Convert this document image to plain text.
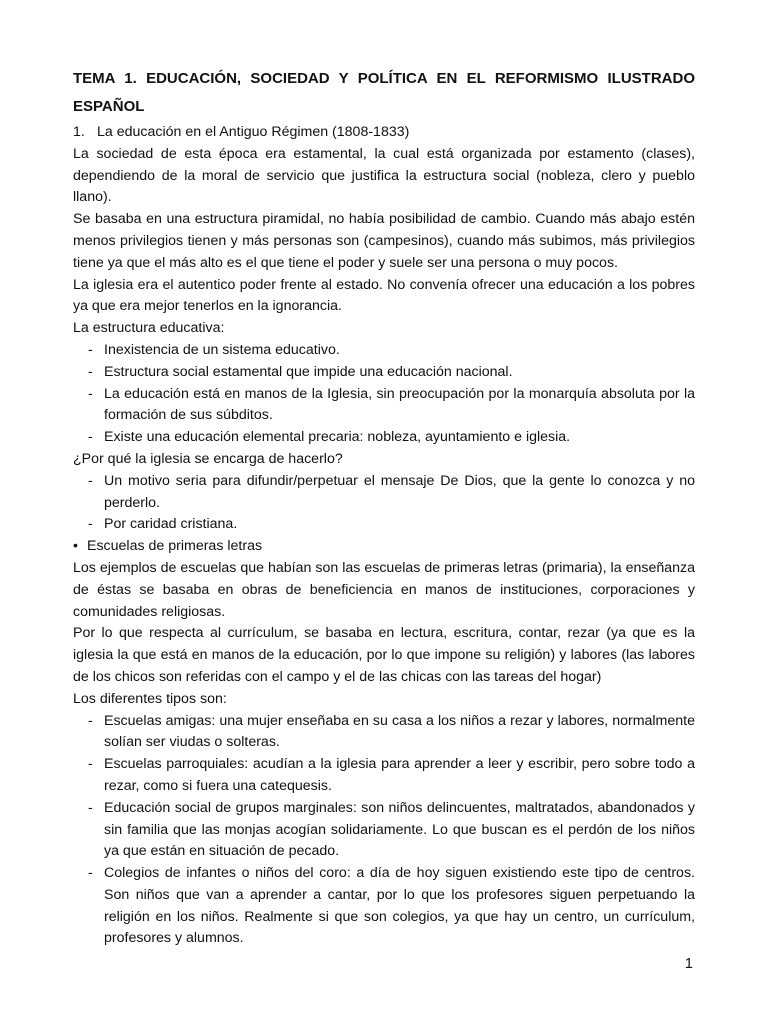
TEMA 1. EDUCACIÓN, SOCIEDAD Y POLÍTICA EN EL REFORMISMO ILUSTRADO
ESPAÑOL

1. La educación en el Antiguo Régimen (1808-1833)

La sociedad de esta época era estamental, la cual está organizada por estamento (clases), dependiendo de la moral de servicio que justifica la estructura social (nobleza, clero y pueblo llano).

Se basaba en una estructura piramidal, no había posibilidad de cambio. Cuando más abajo estén menos privilegios tienen y más personas son (campesinos), cuando más subimos, más privilegios tiene ya que el más alto es el que tiene el poder y suele ser una persona o muy pocos.

La iglesia era el autentico poder frente al estado. No convenía ofrecer una educación a los pobres ya que era mejor tenerlos en la ignorancia.

La estructura educativa:

- Inexistencia de un sistema educativo.
- Estructura social estamental que impide una educación nacional.
- La educación está en manos de la Iglesia, sin preocupación por la monarquía absoluta por la formación de sus súbditos.
- Existe una educación elemental precaria: nobleza, ayuntamiento e iglesia.

¿Por qué la iglesia se encarga de hacerlo?

- Un motivo seria para difundir/perpetuar el mensaje De Dios, que la gente lo conozca y no perderlo.
- Por caridad cristiana.

• Escuelas de primeras letras

Los ejemplos de escuelas que habían son las escuelas de primeras letras (primaria), la enseñanza de éstas se basaba en obras de beneficiencia en manos de instituciones, corporaciones y comunidades religiosas.

Por lo que respecta al currículum, se basaba en lectura, escritura, contar, rezar (ya que es la iglesia la que está en manos de la educación, por lo que impone su religión) y labores (las labores de los chicos son referidas con el campo y el de las chicas con las tareas del hogar)

Los diferentes tipos son:

- Escuelas amigas: una mujer enseñaba en su casa a los niños a rezar y labores, normalmente solían ser viudas o solteras.
- Escuelas parroquiales: acudían a la iglesia para aprender a leer y escribir, pero sobre todo a rezar, como si fuera una catequesis.
- Educación social de grupos marginales: son niños delincuentes, maltratados, abandonados y sin familia que las monjas acogían solidariamente. Lo que buscan es el perdón de los niños ya que están en situación de pecado.
- Colegios de infantes o niños del coro: a día de hoy siguen existiendo este tipo de centros. Son niños que van a aprender a cantar, por lo que los profesores siguen perpetuando la religión en los niños. Realmente si que son colegios, ya que hay un centro, un currículum, profesores y alumnos.
1
